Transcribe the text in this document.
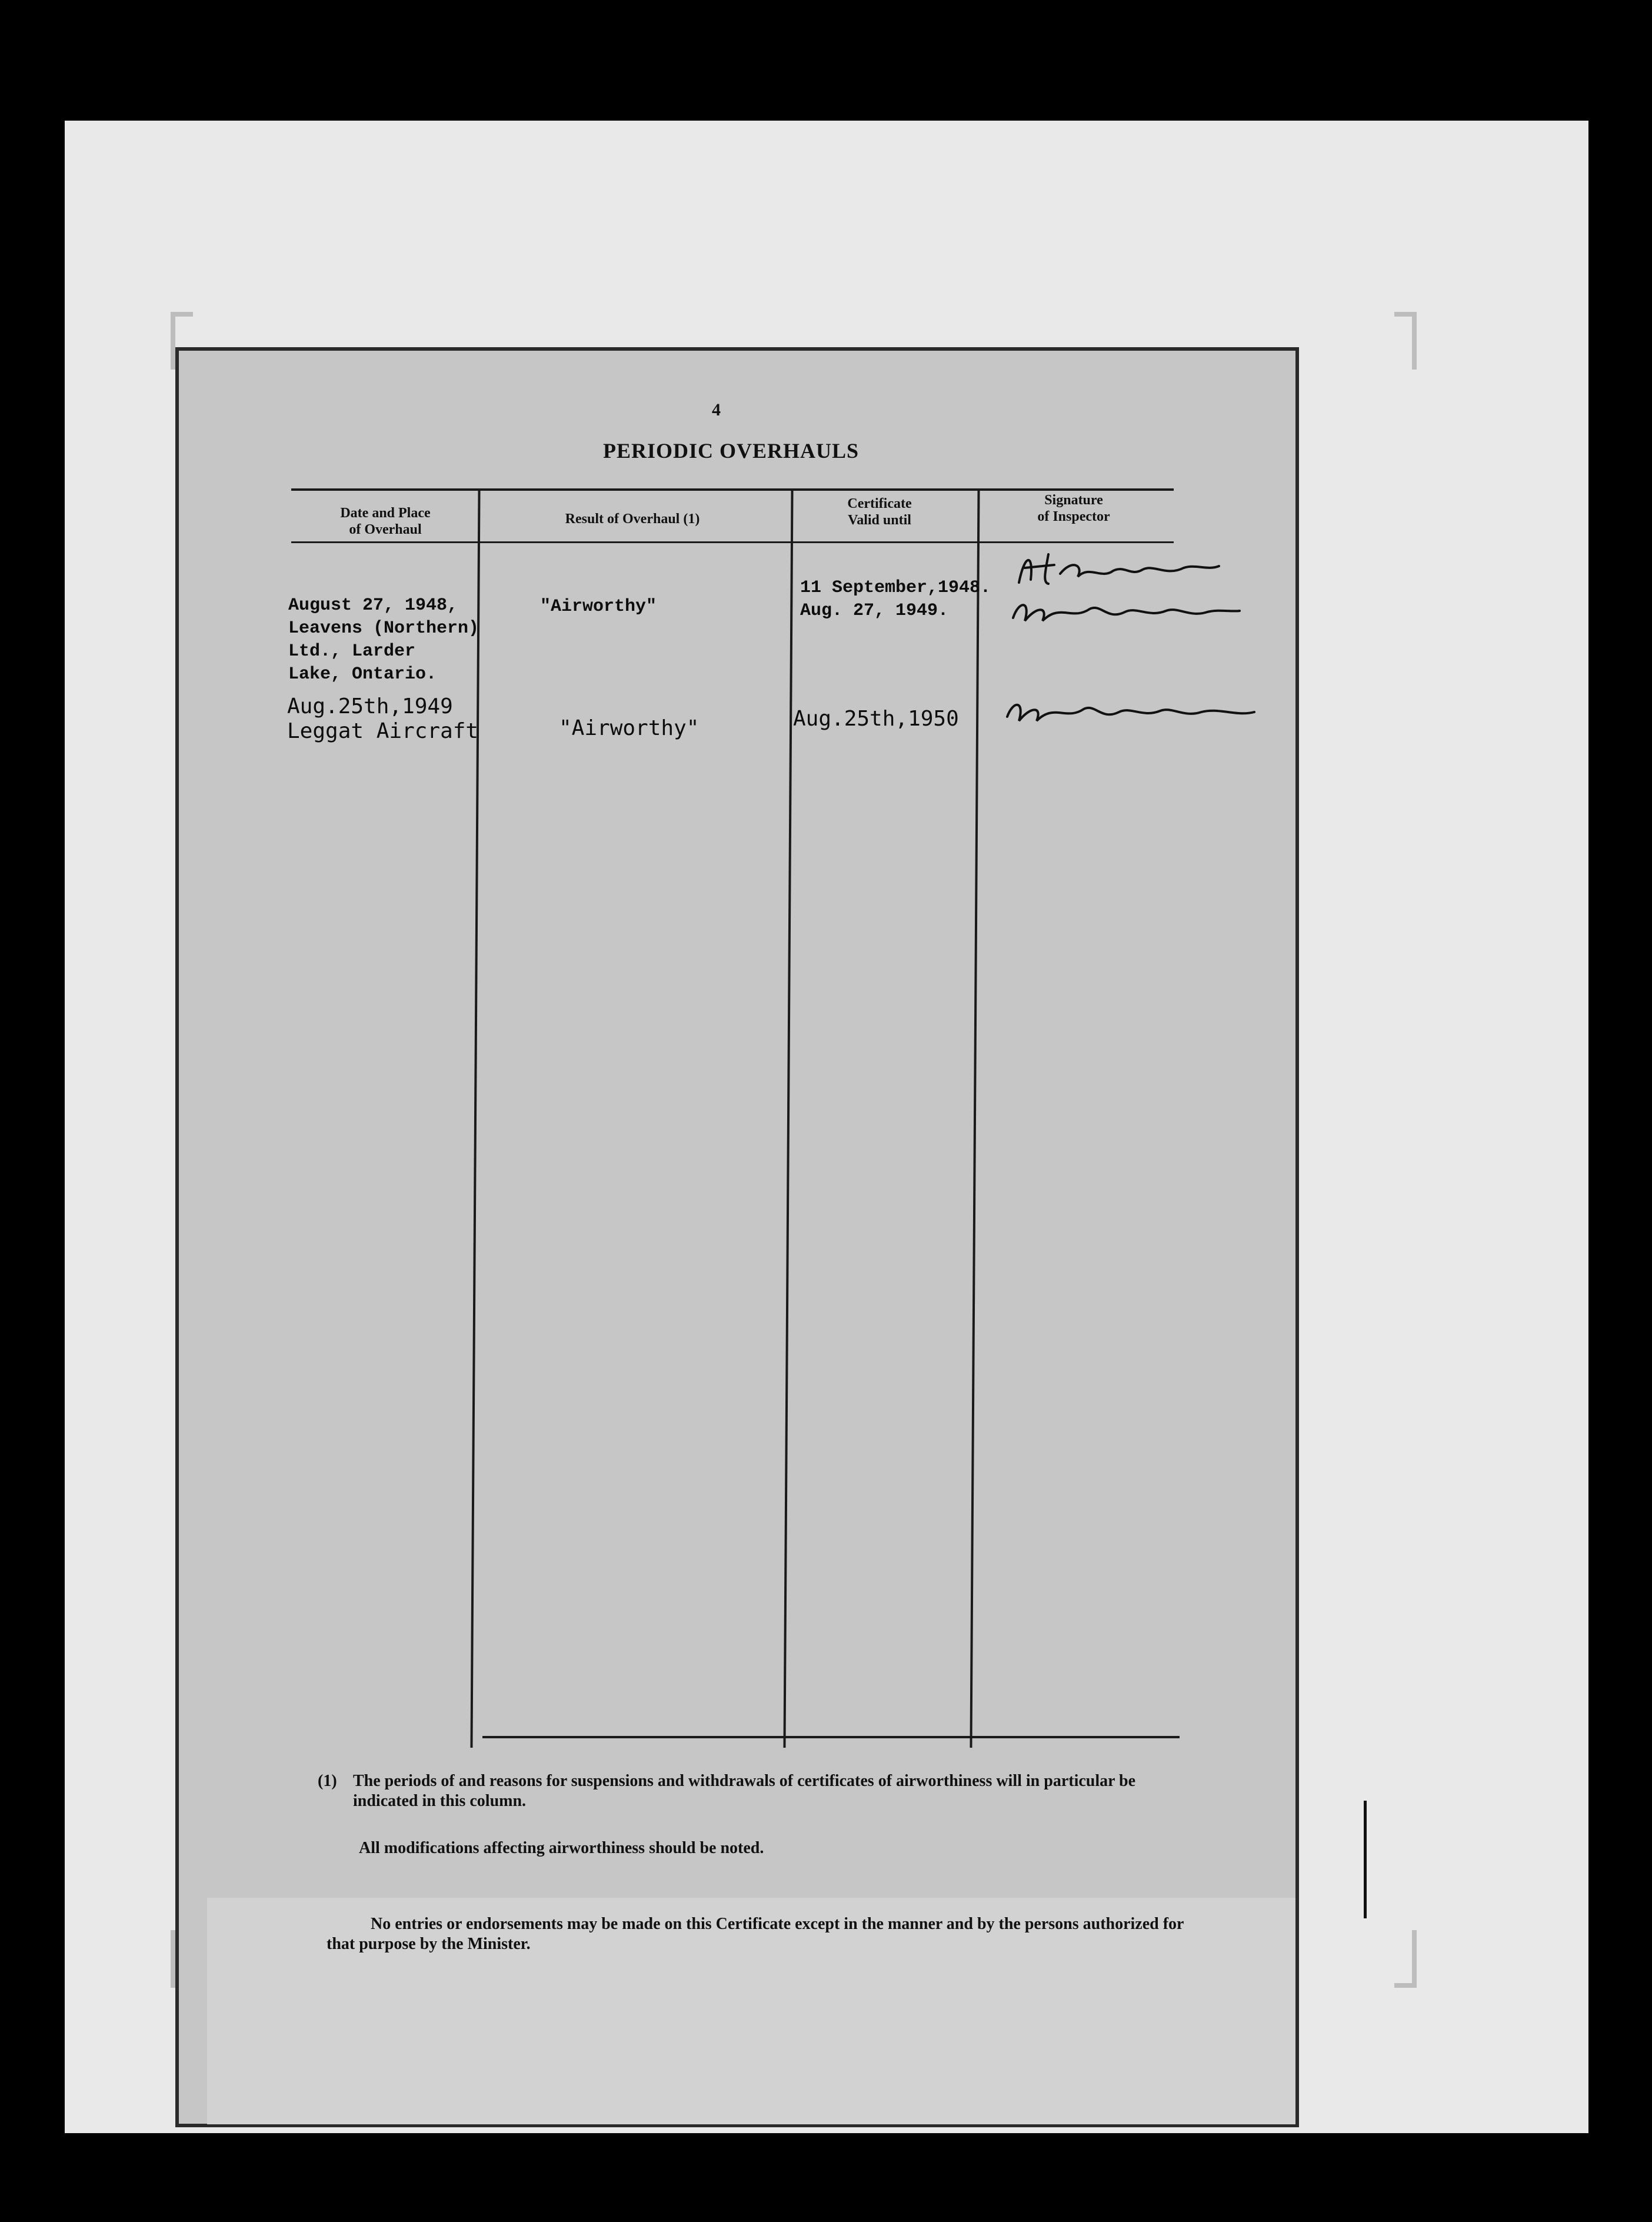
4
PERIODIC OVERHAULS
Date and Place
of Overhaul
Result of Overhaul (1)
Certificate
Valid until
Signature
of Inspector
August 27, 1948,
Leavens (Northern)
Ltd., Larder
Lake, Ontario.
"Airworthy"
11 September,1948.
Aug. 27, 1949.
Aug.25th,1949
Leggat Aircraft	"Airworthy"	Aug.25th,1950
(1) The periods of and reasons for suspensions and withdrawals of certificates of airworthiness will in particular be indicated in this column.
All modifications affecting airworthiness should be noted.
No entries or endorsements may be made on this Certificate except in the manner and by the persons authorized for that purpose by the Minister.
